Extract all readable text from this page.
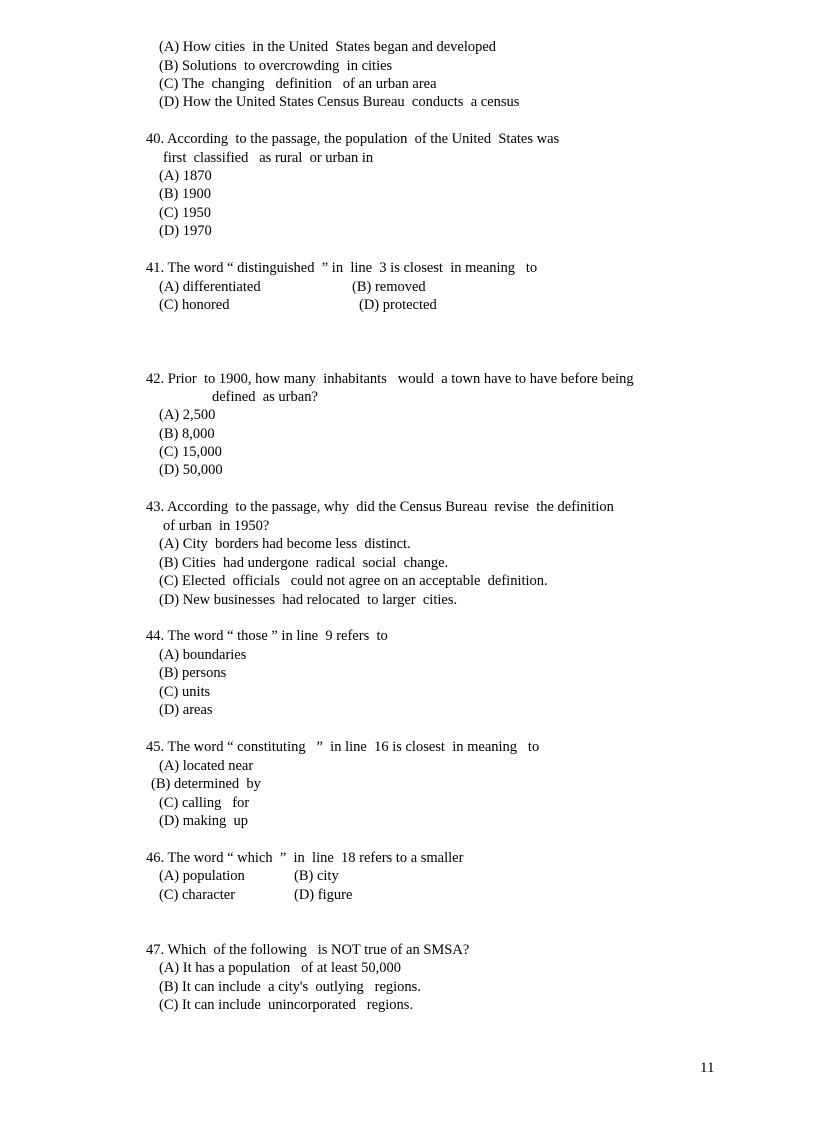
(A) How cities  in the United  States began and developed
(B) Solutions  to overcrowding  in cities
(C) The  changing   definition   of an urban area
(D) How the United States Census Bureau  conducts  a census
40. According  to the passage, the population  of the United  States was
first  classified   as rural  or urban in
(A) 1870
(B) 1900
(C) 1950
(D) 1970
41. The word “ distinguished  ” in  line  3 is closest  in meaning   to
(A) differentiated	(B) removed
(C) honored	(D) protected
42. Prior  to 1900, how many  inhabitants   would  a town have to have before being
defined  as urban?
(A) 2,500
(B) 8,000
(C) 15,000
(D) 50,000
43. According  to the passage, why  did the Census Bureau  revise  the definition
of urban  in 1950?
(A) City  borders had become less  distinct.
(B) Cities  had undergone  radical  social  change.
(C) Elected  officials   could not agree on an acceptable  definition.
(D) New businesses  had relocated  to larger  cities.
44. The word “ those ” in line  9 refers  to
(A) boundaries
(B) persons
(C) units
(D) areas
45. The word “ constituting   ”  in line  16 is closest  in meaning   to
(A) located near
(B) determined  by
(C) calling   for
(D) making  up
46. The word “ which  ”  in  line  18 refers to a smaller
(A) population	(B) city
(C) character	(D) figure
47. Which  of the following   is NOT true of an SMSA?
(A) It has a population   of at least 50,000
(B) It can include  a city's  outlying   regions.
(C) It can include  unincorporated   regions.
11
